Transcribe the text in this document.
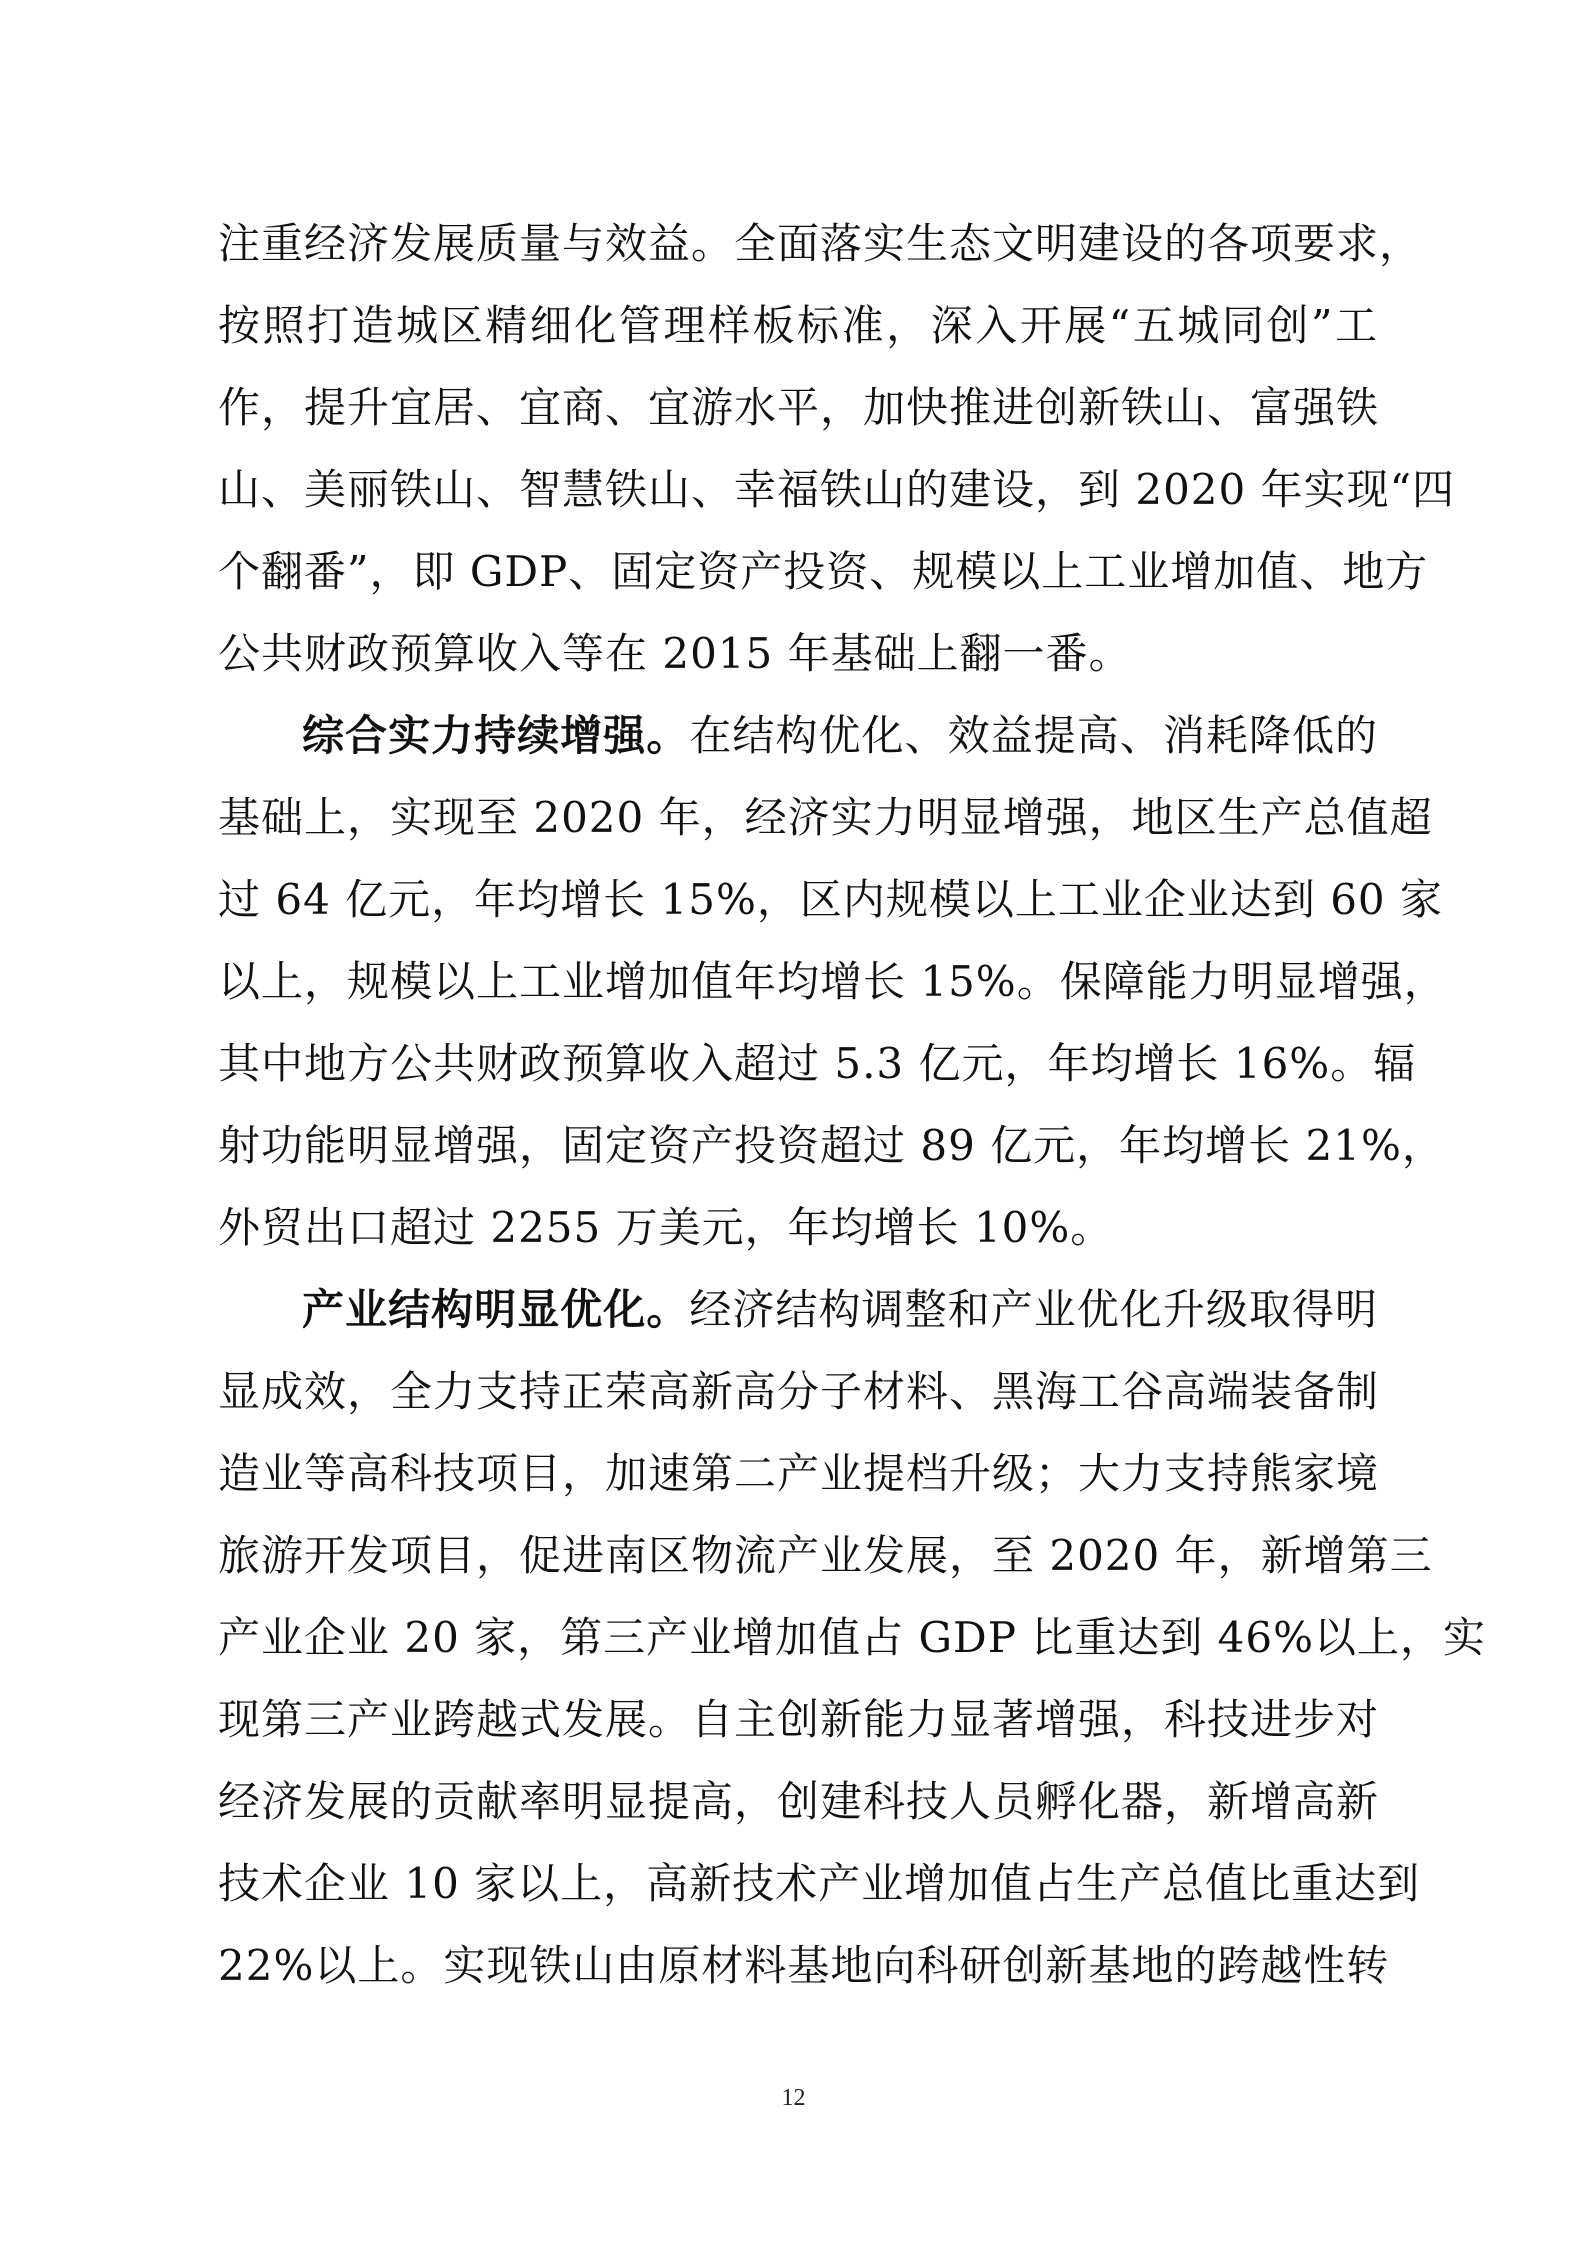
注重经济发展质量与效益。全面落实生态文明建设的各项要求，
按照打造城区精细化管理样板标准，深入开展“五城同创”工
作，提升宜居、宜商、宜游水平，加快推进创新铁山、富强铁
山、美丽铁山、智慧铁山、幸福铁山的建设，到 2020 年实现“四
个翻番”，即 GDP、固定资产投资、规模以上工业增加值、地方
公共财政预算收入等在 2015 年基础上翻一番。
综合实力持续增强。在结构优化、效益提高、消耗降低的
基础上，实现至 2020 年，经济实力明显增强，地区生产总值超
过 64 亿元，年均增长 15%，区内规模以上工业企业达到 60 家
以上，规模以上工业增加值年均增长 15%。保障能力明显增强，
其中地方公共财政预算收入超过 5.3 亿元，年均增长 16%。辐
射功能明显增强，固定资产投资超过 89 亿元，年均增长 21%，
外贸出口超过 2255 万美元，年均增长 10%。
产业结构明显优化。经济结构调整和产业优化升级取得明
显成效，全力支持正荣高新高分子材料、黑海工谷高端装备制
造业等高科技项目，加速第二产业提档升级；大力支持熊家境
旅游开发项目，促进南区物流产业发展，至 2020 年，新增第三
产业企业 20 家，第三产业增加值占 GDP 比重达到 46%以上，实
现第三产业跨越式发展。自主创新能力显著增强，科技进步对
经济发展的贡献率明显提高，创建科技人员孵化器，新增高新
技术企业 10 家以上，高新技术产业增加值占生产总值比重达到
22%以上。实现铁山由原材料基地向科研创新基地的跨越性转
12
